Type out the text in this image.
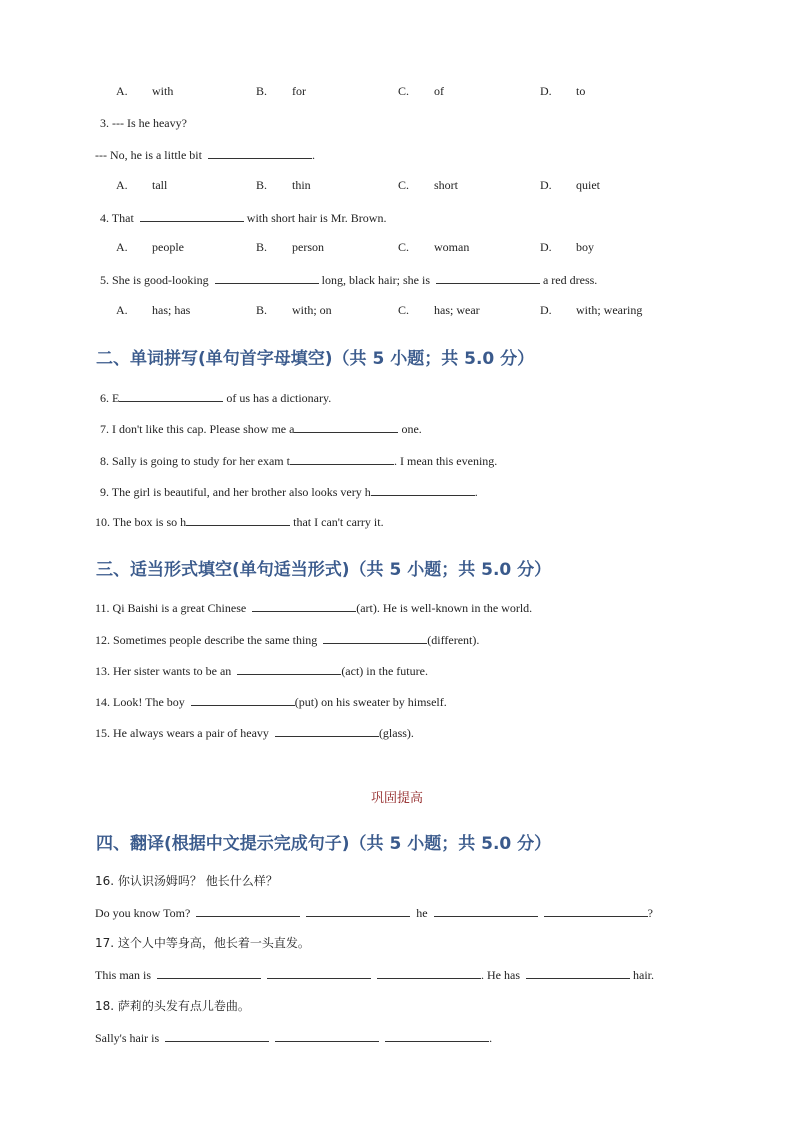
A. with	B. for	C. of	D. to
3. --- Is he heavy?
--- No, he is a little bit	.
A. tall	B. thin	C. short	D. quiet
4. That	with short hair is Mr. Brown.
A. people	B. person	C. woman	D. boy
5. She is good-looking	long, black hair; she is	a red dress.
A. has; has	B. with; on	C. has; wear	D. with; wearing
二、单词拼写(单句首字母填空)（共 5 小题；共 5.0 分）
6. E	of us has a dictionary.
7. I don't like this cap. Please show me a	one.
8. Sally is going to study for her exam t	. I mean this evening.
9. The girl is beautiful, and her brother also looks very h	.
10. The box is so h	that I can't carry it.
三、适当形式填空(单句适当形式)（共 5 小题；共 5.0 分）
11. Qi Baishi is a great Chinese	(art). He is well-known in the world.
12. Sometimes people describe the same thing	(different).
13. Her sister wants to be an	(act) in the future.
14. Look! The boy	(put) on his sweater by himself.
15. He always wears a pair of heavy	(glass).
巩固提高
四、翻译(根据中文提示完成句子)（共 5 小题；共 5.0 分）
16. 你认识汤姆吗？ 他长什么样？
Do you know Tom?	he	?
17. 这个人中等身高，他长着一头直发。
This man is	. He has	hair.
18. 萨莉的头发有点儿卷曲。
Sally's hair is	.
